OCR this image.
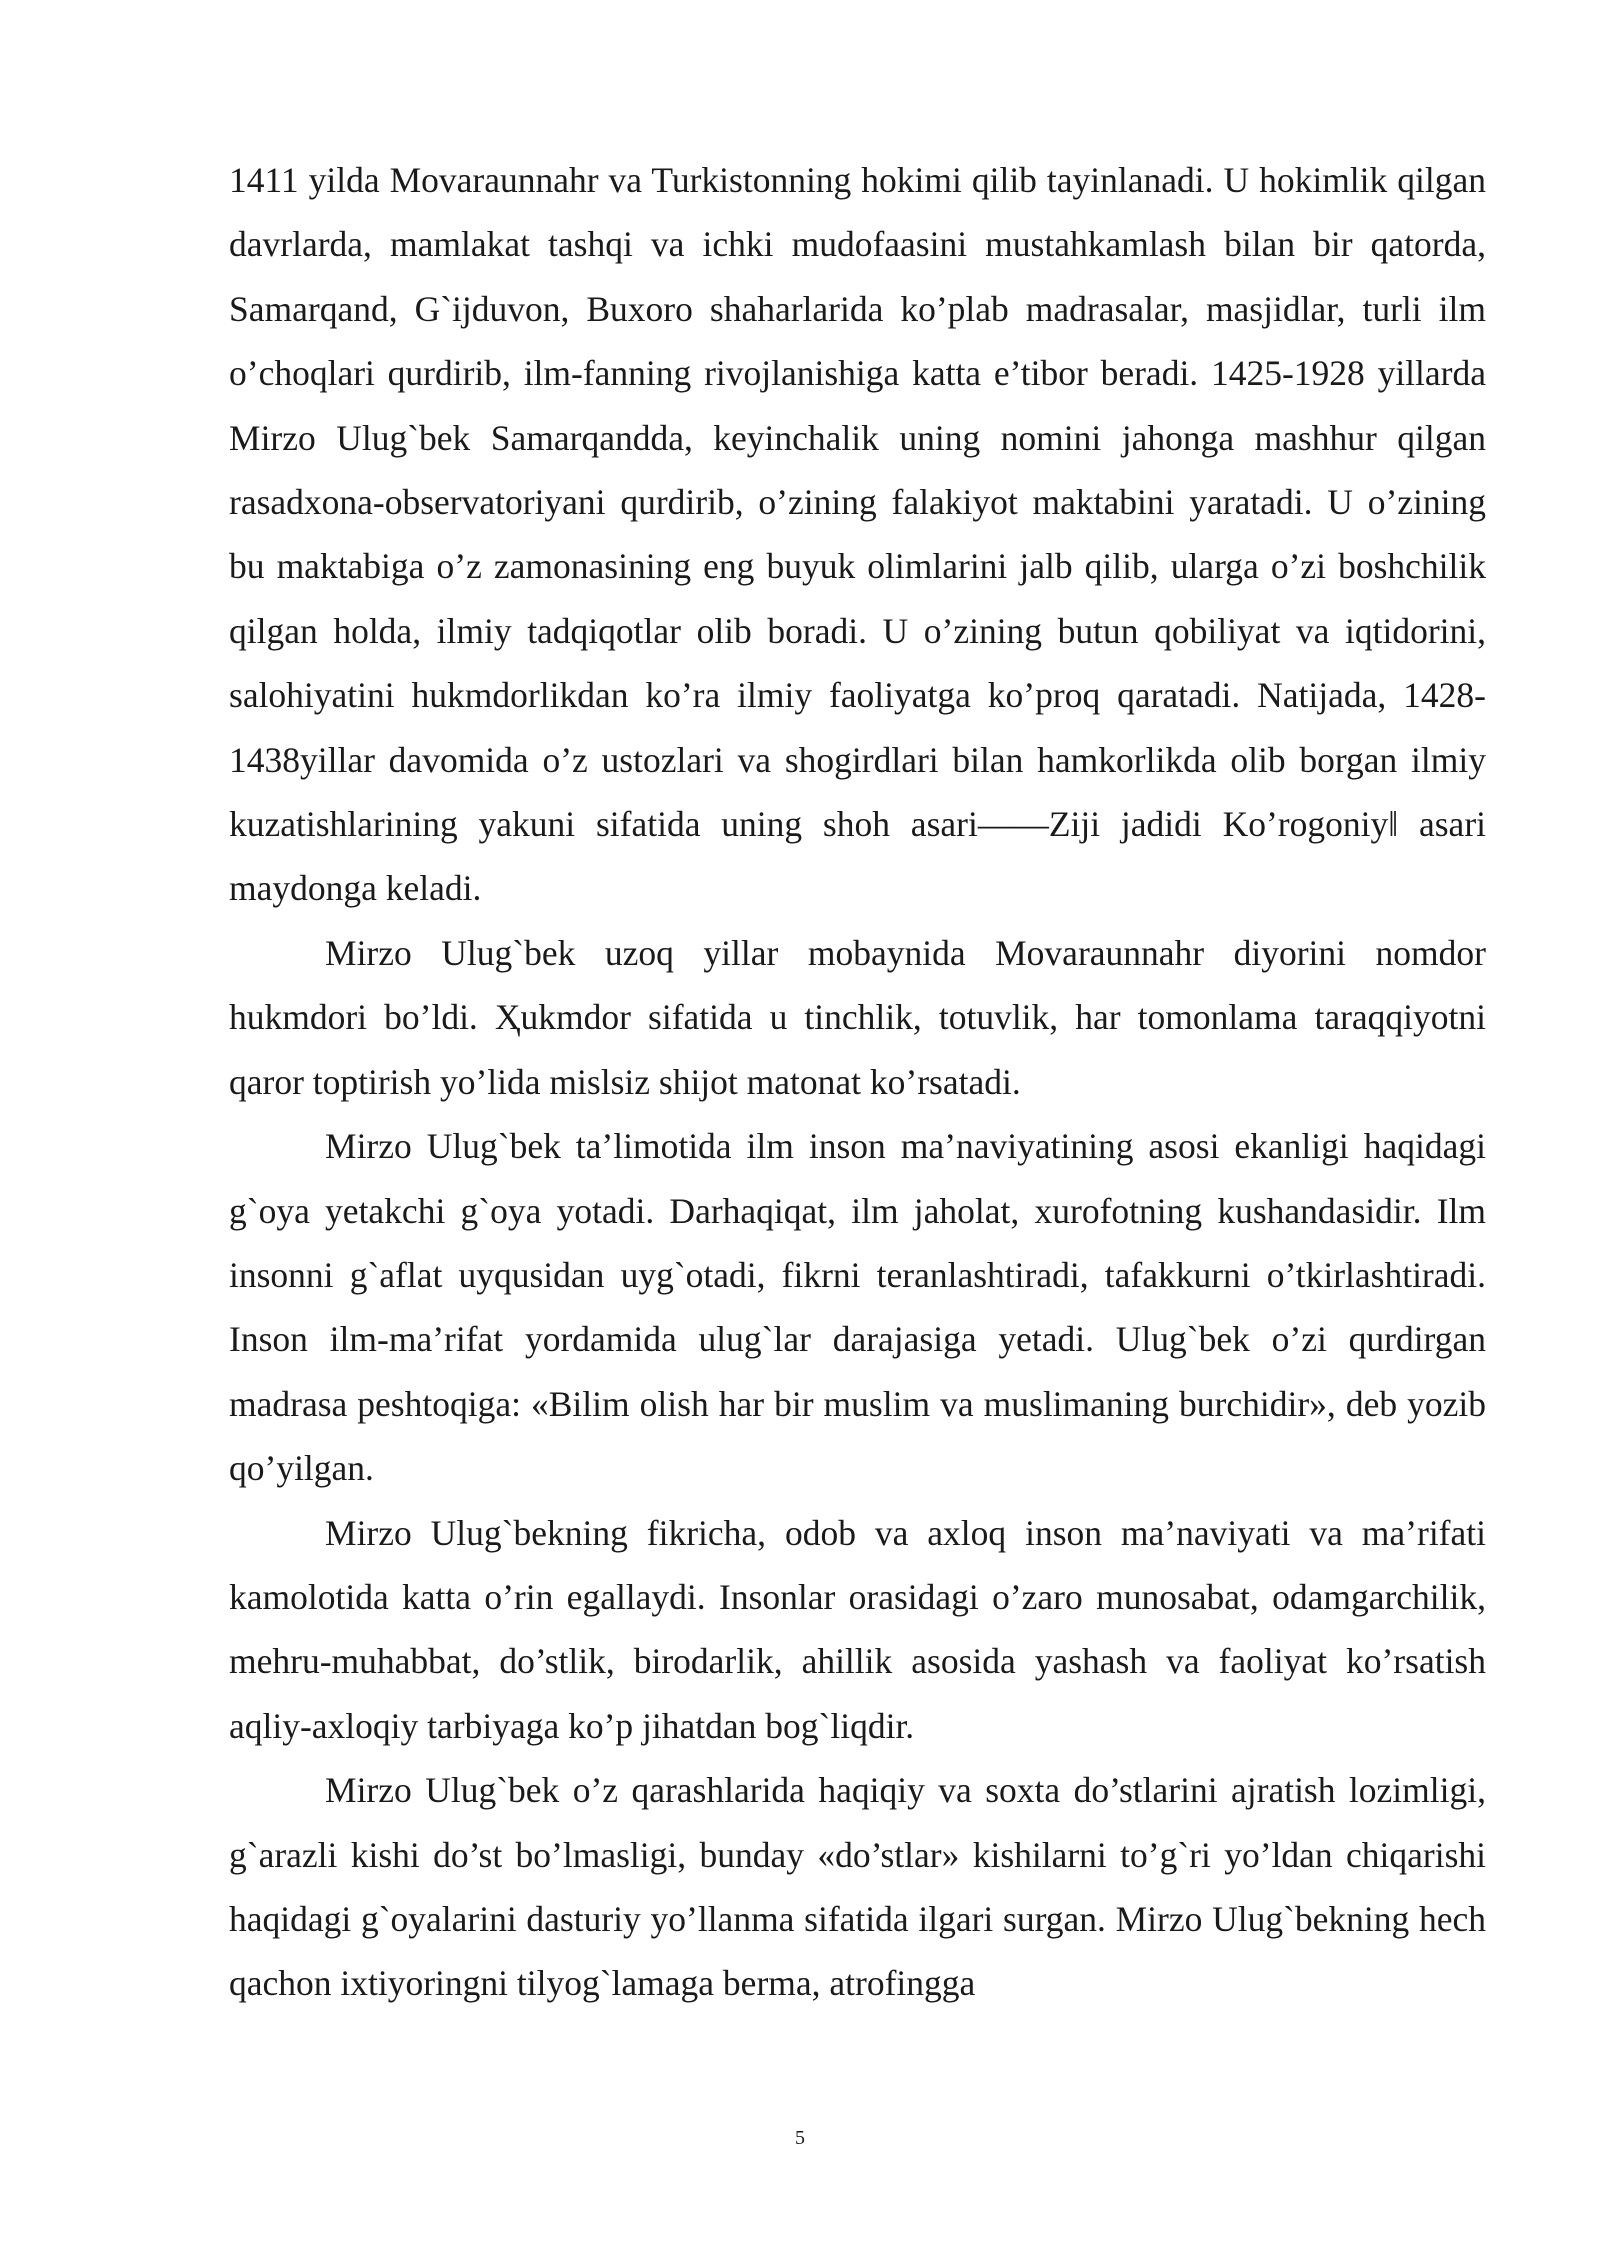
1411 yilda Movaraunnahr va Turkistonning hokimi qilib tayinlanadi. U hokimlik qilgan davrlarda, mamlakat tashqi va ichki mudofaasini mustahkamlash bilan bir qatorda, Samarqand, G`ijduvon, Buxoro shaharlarida ko’plab madrasalar, masjidlar, turli ilm o’choqlari qurdirib, ilm-fanning rivojlanishiga katta e’tibor beradi. 1425-1928 yillarda Mirzo Ulug`bek Samarqandda, keyinchalik uning nomini jahonga mashhur qilgan rasadxona-observatoriyani qurdirib, o’zining falakiyot maktabini yaratadi. U o’zining bu maktabiga o’z zamonasining eng buyuk olimlarini jalb qilib, ularga o’zi boshchilik qilgan holda, ilmiy tadqiqotlar olib boradi. U o’zining butun qobiliyat va iqtidorini, salohiyatini hukmdorlikdan ko’ra ilmiy faoliyatga ko’proq qaratadi. Natijada, 1428-1438yillar davomida o’z ustozlari va shogirdlari bilan hamkorlikda olib borgan ilmiy kuzatishlarining yakuni sifatida uning shoh asari――Ziji jadidi Ko’rogoniy‖ asari maydonga keladi.

Mirzo Ulug`bek uzoq yillar mobaynida Movaraunnahr diyorini nomdor hukmdori bo’ldi. Ҳukmdor sifatida u tinchlik, totuvlik, har tomonlama taraqqiyotni qaror toptirish yo’lida mislsiz shijot matonat ko’rsatadi.

Mirzo Ulug`bek ta’limotida ilm inson ma’naviyatining asosi ekanligi haqidagi g`oya yetakchi g`oya yotadi. Darhaqiqat, ilm jaholat, xurofotning kushandasidir. Ilm insonni g`aflat uyqusidan uyg`otadi, fikrni teranlashtiradi, tafakkurni o’tkirlashtiradi. Inson ilm-ma’rifat yordamida ulug`lar darajasiga yetadi. Ulug`bek o’zi qurdirgan madrasa peshtoqiga: «Bilim olish har bir muslim va muslimaning burchidir», deb yozib qo’yilgan.

Mirzo Ulug`bekning fikricha, odob va axloq inson ma’naviyati va ma’rifati kamolotida katta o’rin egallaydi. Insonlar orasidagi o’zaro munosabat, odamgarchilik, mehru-muhabbat, do’stlik, birodarlik, ahillik asosida yashash va faoliyat ko’rsatish aqliy-axloqiy tarbiyaga ko’p jihatdan bog`liqdir.

Mirzo Ulug`bek o’z qarashlarida haqiqiy va soxta do’stlarini ajratish lozimligi, g`arazli kishi do’st bo’lmasligi, bunday «do’stlar» kishilarni to’g`ri yo’ldan chiqarishi haqidagi g`oyalarini dasturiy yo’llanma sifatida ilgari surgan. Mirzo Ulug`bekning hech qachon ixtiyoringni tilyog`lamaga berma, atrofingga

5
